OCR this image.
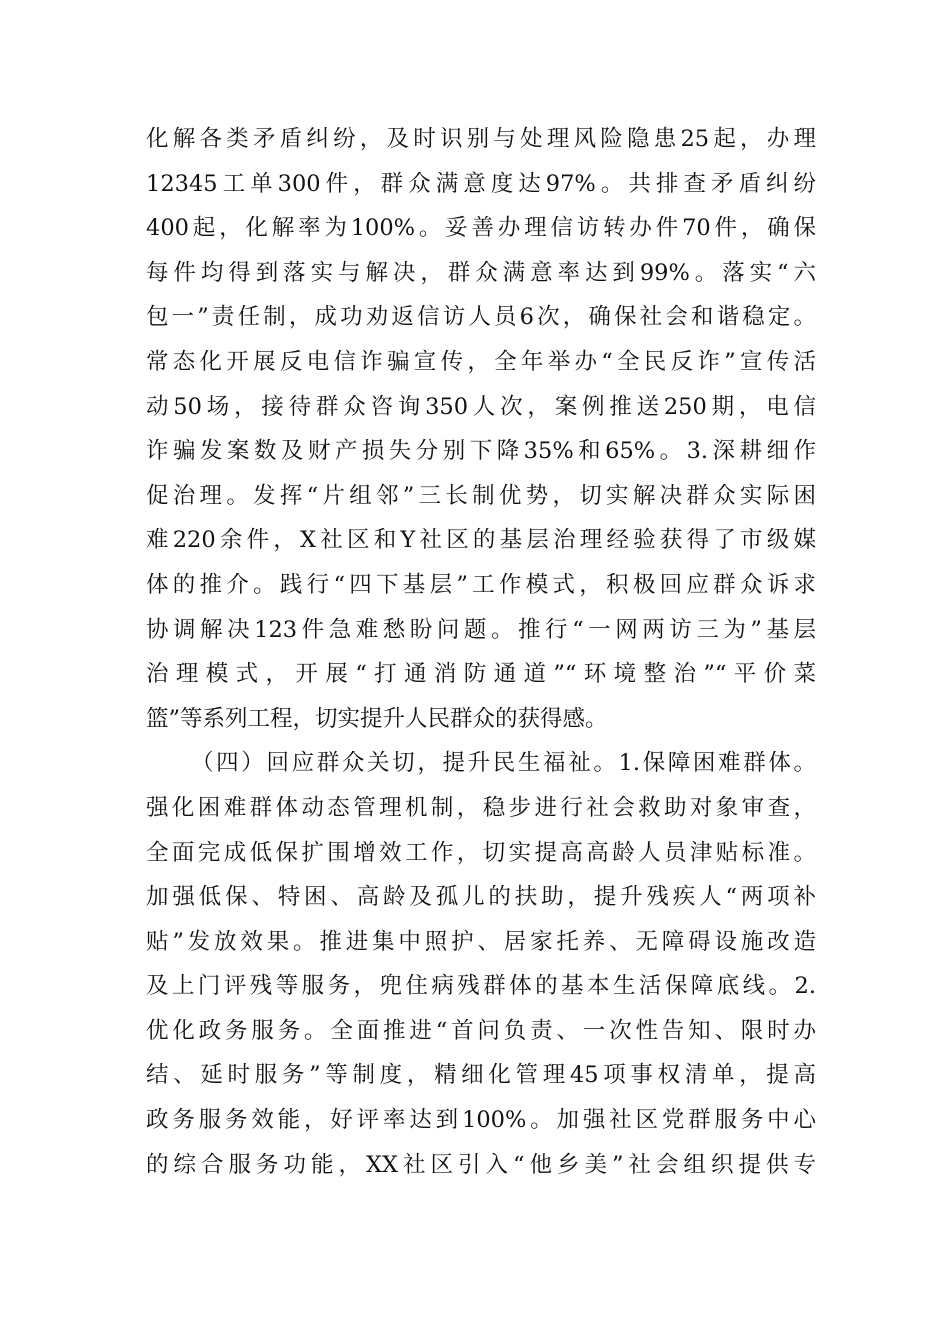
化解各类矛盾纠纷，及时识别与处理风险隐患25起，办理
12345工单300件，群众满意度达97%。共排查矛盾纠纷
400起，化解率为100%。妥善办理信访转办件70件，确保
每件均得到落实与解决，群众满意率达到99%。落实“六
包一”责任制，成功劝返信访人员6次，确保社会和谐稳定。
常态化开展反电信诈骗宣传，全年举办“全民反诈”宣传活
动50场，接待群众咨询350人次，案例推送250期，电信
诈骗发案数及财产损失分别下降35%和65%。3.深耕细作
促治理。发挥“片组邻”三长制优势，切实解决群众实际困
难220余件，X社区和Y社区的基层治理经验获得了市级媒
体的推介。践行“四下基层”工作模式，积极回应群众诉求
协调解决123件急难愁盼问题。推行“一网两访三为”基层
治理模式，开展“打通消防通道”“环境整治”“平价菜
篮”等系列工程，切实提升人民群众的获得感。
（四）回应群众关切，提升民生福祉。1.保障困难群体。
强化困难群体动态管理机制，稳步进行社会救助对象审查，
全面完成低保扩围增效工作，切实提高高龄人员津贴标准。
加强低保、特困、高龄及孤儿的扶助，提升残疾人“两项补
贴”发放效果。推进集中照护、居家托养、无障碍设施改造
及上门评残等服务，兜住病残群体的基本生活保障底线。2.
优化政务服务。全面推进“首问负责、一次性告知、限时办
结、延时服务”等制度，精细化管理45项事权清单，提高
政务服务效能，好评率达到100%。加强社区党群服务中心
的综合服务功能，XX社区引入“他乡美”社会组织提供专
